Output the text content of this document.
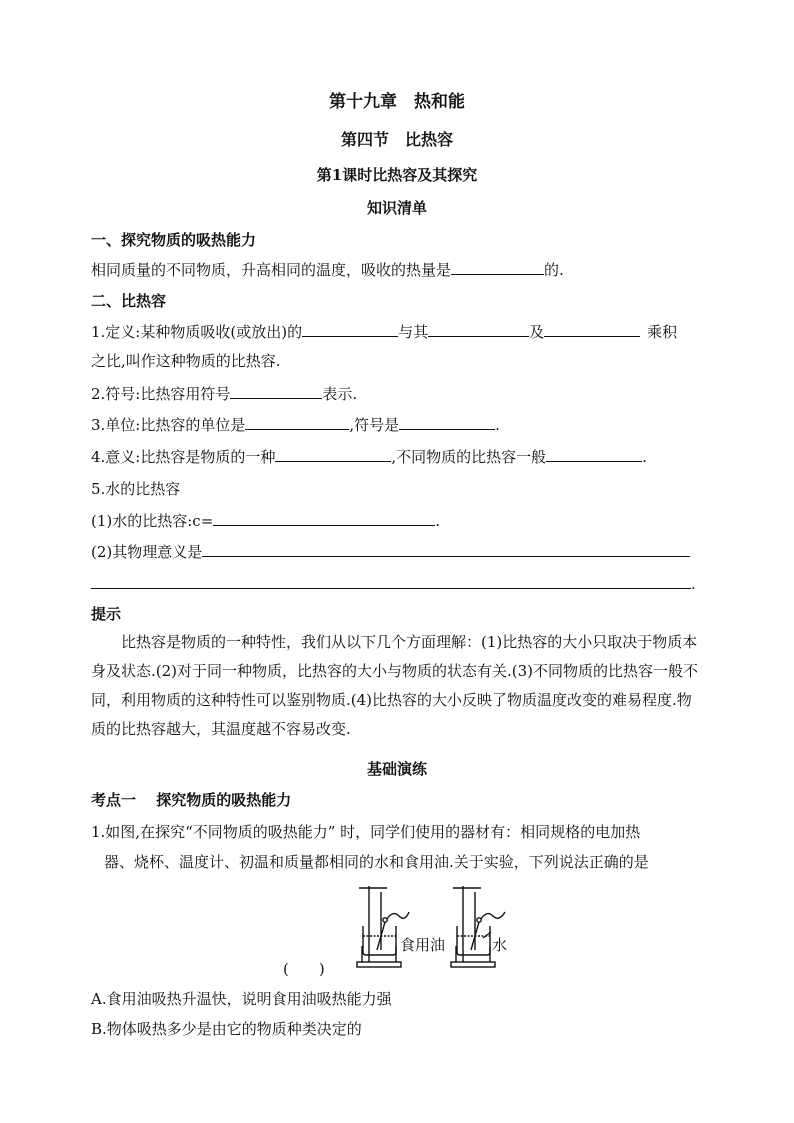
第十九章　热和能
第四节　比热容
第1课时比热容及其探究
知识清单
一、探究物质的吸热能力
相同质量的不同物质，升高相同的温度，吸收的热量是	的.
二、比热容
1.定义:某种物质吸收(或放出)的	与其	及	乘积
之比,叫作这种物质的比热容.
2.符号:比热容用符号	表示.
3.单位:比热容的单位是	,符号是	.
4.意义:比热容是物质的一种	,不同物质的比热容一般	.
5.水的比热容
(1)水的比热容:c=	.
(2)其物理意义是
.
提示
比热容是物质的一种特性，我们从以下几个方面理解：(1)比热容的大小只取决于物质本身及状态.(2)对于同一种物质，比热容的大小与物质的状态有关.(3)不同物质的比热容一般不同，利用物质的这种特性可以鉴别物质.(4)比热容的大小反映了物质温度改变的难易程度.物质的比热容越大，其温度越不容易改变.
基础演练
考点一　 探究物质的吸热能力
1.如图,在探究“不同物质的吸热能力” 时，同学们使用的器材有：相同规格的电加热
器、烧杯、温度计、初温和质量都相同的水和食用油.关于实验，下列说法正确的是
食用油	水
(　　)
A.食用油吸热升温快，说明食用油吸热能力强
B.物体吸热多少是由它的物质种类决定的
